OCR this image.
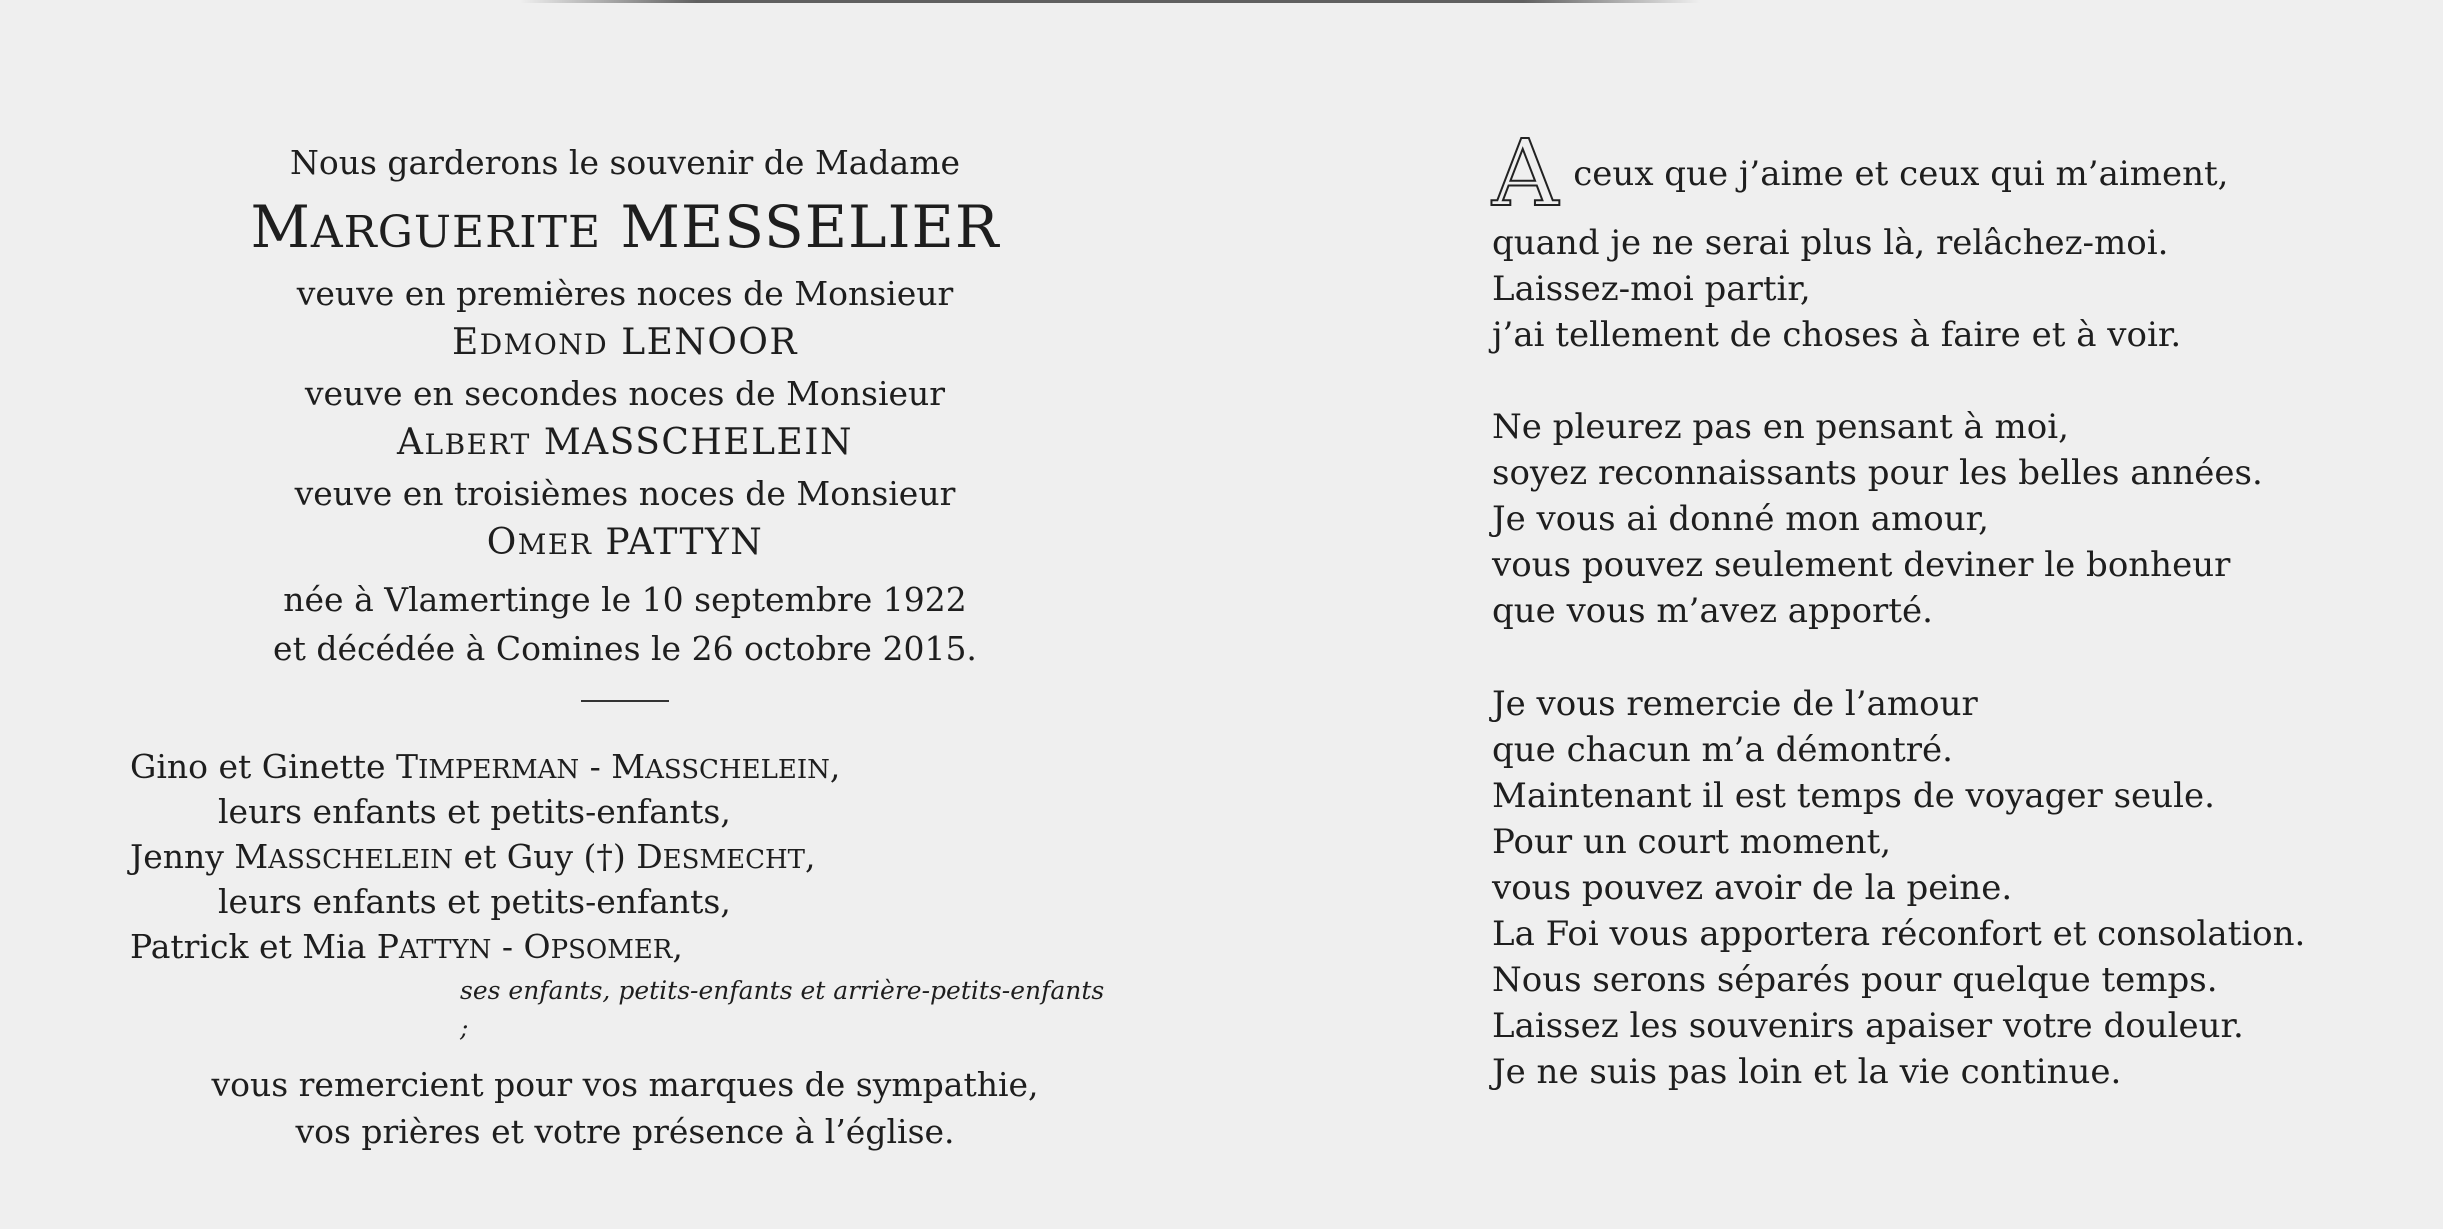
Nous garderons le souvenir de Madame
MARGUERITE MESSELIER
veuve en premières noces de Monsieur
EDMOND LENOOR
veuve en secondes noces de Monsieur
ALBERT MASSCHELEIN
veuve en troisièmes noces de Monsieur
OMER PATTYN
née à Vlamertinge le 10 septembre 1922
et décédée à Comines le 26 octobre 2015.
Gino et Ginette TIMPERMAN - MASSCHELEIN,
leurs enfants et petits-enfants,
Jenny MASSCHELEIN et Guy (†) DESMECHT,
leurs enfants et petits-enfants,
Patrick et Mia PATTYN - OPSOMER,
ses enfants, petits-enfants et arrière-petits-enfants ;
vous remercient pour vos marques de sympathie,
vos prières et votre présence à l’église.
A ceux que j’aime et ceux qui m’aiment,
quand je ne serai plus là, relâchez-moi.
Laissez-moi partir,
j’ai tellement de choses à faire et à voir.
Ne pleurez pas en pensant à moi,
soyez reconnaissants pour les belles années.
Je vous ai donné mon amour,
vous pouvez seulement deviner le bonheur
que vous m’avez apporté.
Je vous remercie de l’amour
que chacun m’a démontré.
Maintenant il est temps de voyager seule.
Pour un court moment,
vous pouvez avoir de la peine.
La Foi vous apportera réconfort et consolation.
Nous serons séparés pour quelque temps.
Laissez les souvenirs apaiser votre douleur.
Je ne suis pas loin et la vie continue.
